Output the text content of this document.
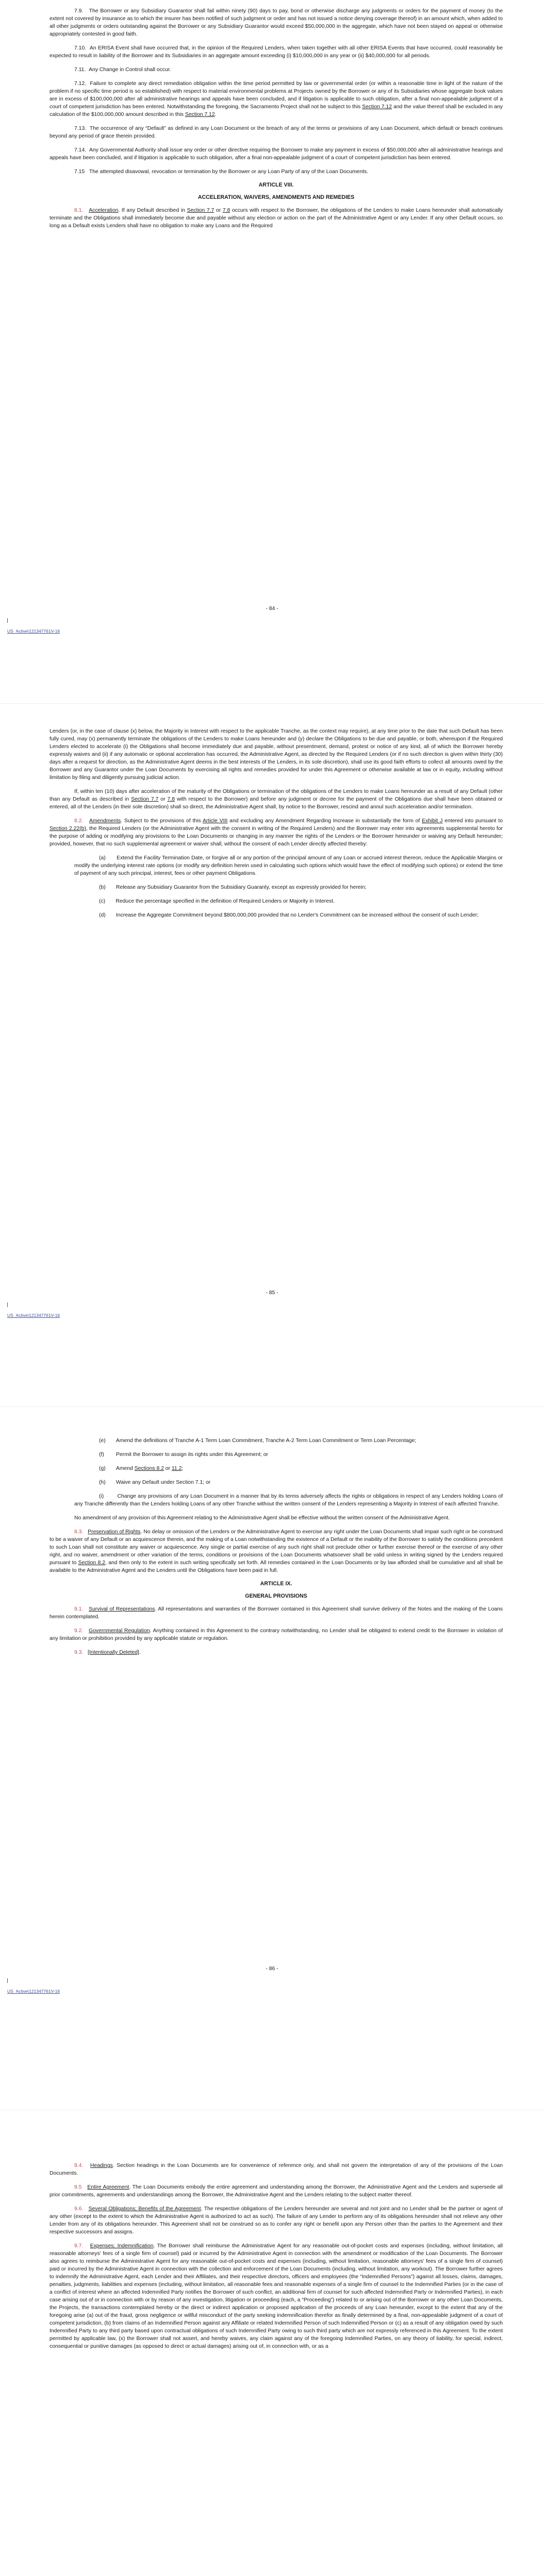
7.9.   The Borrower or any Subsidiary Guarantor shall fail within ninety (90) days to pay, bond or otherwise discharge any judgments or orders for the payment of money (to the extent not covered by insurance as to which the insurer has been notified of such judgment or order and has not issued a notice denying coverage thereof) in an amount which, when added to all other judgments or orders outstanding against the Borrower or any Subsidiary Guarantor would exceed $50,000,000 in the aggregate, which have not been stayed on appeal or otherwise appropriately contested in good faith.

7.10.  An ERISA Event shall have occurred that, in the opinion of the Required Lenders, when taken together with all other ERISA Events that have occurred, could reasonably be expected to result in liability of the Borrower and its Subsidiaries in an aggregate amount exceeding (i) $10,000,000 in any year or (ii) $40,000,000 for all periods.

7.11.  Any Change in Control shall occur.

7.12.  Failure to complete any direct remediation obligation within the time period permitted by law or governmental order (or within a reasonable time in light of the nature of the problem if no specific time period is so established) with respect to material environmental problems at Projects owned by the Borrower or any of its Subsidiaries whose aggregate book values are in excess of $100,000,000 after all administrative hearings and appeals have been concluded, and if litigation is applicable to such obligation, after a final non-appealable judgment of a court of competent jurisdiction has been entered. Notwithstanding the foregoing, the Sacramento Project shall not be subject to this Section 7.12 and the value thereof shall be excluded in any calculation of the $100,000,000 amount described in this Section 7.12.

7.13.  The occurrence of any “Default” as defined in any Loan Document or the breach of any of the terms or provisions of any Loan Document, which default or breach continues beyond any period of grace therein provided.

7.14.  Any Governmental Authority shall issue any order or other directive requiring the Borrower to make any payment in excess of $50,000,000 after all administrative hearings and appeals have been concluded, and if litigation is applicable to such obligation, after a final non-appealable judgment of a court of competent jurisdiction has been entered.

7.15   The attempted disavowal, revocation or termination by the Borrower or any Loan Party of any of the Loan Documents.

ARTICLE VIII.
ACCELERATION, WAIVERS, AMENDMENTS AND REMEDIES

8.1. Acceleration. If any Default described in Section 7.7 or 7.8 occurs with respect to the Borrower, the obligations of the Lenders to make Loans hereunder shall automatically terminate and the Obligations shall immediately become due and payable without any election or action on the part of the Administrative Agent or any Lender. If any other Default occurs, so long as a Default exists Lenders shall have no obligation to make any Loans and the Required

- 84 -
US_Active\121347761V-16

Lenders (or, in the case of clause (x) below, the Majority in Interest with respect to the applicable Tranche, as the context may require), at any time prior to the date that such Default has been fully cured, may (x) permanently terminate the obligations of the Lenders to make Loans hereunder and (y) declare the Obligations to be due and payable, or both, whereupon if the Required Lenders elected to accelerate (i) the Obligations shall become immediately due and payable, without presentment, demand, protest or notice of any kind, all of which the Borrower hereby expressly waives and (ii) if any automatic or optional acceleration has occurred, the Administrative Agent, as directed by the Required Lenders (or if no such direction is given within thirty (30) days after a request for direction, as the Administrative Agent deems in the best interests of the Lenders, in its sole discretion), shall use its good faith efforts to collect all amounts owed by the Borrower and any Guarantor under the Loan Documents by exercising all rights and remedies provided for under this Agreement or otherwise available at law or in equity, including without limitation by filing and diligently pursuing judicial action.

If, within ten (10) days after acceleration of the maturity of the Obligations or termination of the obligations of the Lenders to make Loans hereunder as a result of any Default (other than any Default as described in Section 7.7 or 7.8 with respect to the Borrower) and before any judgment or decree for the payment of the Obligations due shall have been obtained or entered, all of the Lenders (in their sole discretion) shall so direct, the Administrative Agent shall, by notice to the Borrower, rescind and annul such acceleration and/or termination.

8.2. Amendments. Subject to the provisions of this Article VIII and excluding any Amendment Regarding Increase in substantially the form of Exhibit J entered into pursuant to Section 2.22(b), the Required Lenders (or the Administrative Agent with the consent in writing of the Required Lenders) and the Borrower may enter into agreements supplemental hereto for the purpose of adding or modifying any provisions to the Loan Documents or changing in any manner the rights of the Lenders or the Borrower hereunder or waiving any Default hereunder; provided, however, that no such supplemental agreement or waiver shall, without the consent of each Lender directly affected thereby:

(a)       Extend the Facility Termination Date, or forgive all or any portion of the principal amount of any Loan or accrued interest thereon, reduce the Applicable Margins or modify the underlying interest rate options (or modify any definition herein used in calculating such options which would have the effect of modifying such options) or extend the time of payment of any such principal, interest, fees or other payment Obligations.

(b)       Release any Subsidiary Guarantor from the Subsidiary Guaranty, except as expressly provided for herein;

(c)       Reduce the percentage specified in the definition of Required Lenders or Majority in Interest.

(d)       Increase the Aggregate Commitment beyond $800,000,000 provided that no Lender's Commitment can be increased without the consent of such Lender;

- 85 -
US_Active\121347761V-16

(e)       Amend the definitions of Tranche A-1 Term Loan Commitment, Tranche A-2 Term Loan Commitment or Term Loan Percentage;

(f)        Permit the Borrower to assign its rights under this Agreement; or

(g)       Amend Sections 8.2 or 11.2;

(h)       Waive any Default under Section 7.1; or

(i)        Change any provisions of any Loan Document in a manner that by its terms adversely affects the rights or obligations in respect of any Lenders holding Loans of any Tranche differently than the Lenders holding Loans of any other Tranche without the written consent of the Lenders representing a Majority in Interest of each affected Tranche.

No amendment of any provision of this Agreement relating to the Administrative Agent shall be effective without the written consent of the Administrative Agent.

8.3. Preservation of Rights. No delay or omission of the Lenders or the Administrative Agent to exercise any right under the Loan Documents shall impair such right or be construed to be a waiver of any Default or an acquiescence therein, and the making of a Loan notwithstanding the existence of a Default or the inability of the Borrower to satisfy the conditions precedent to such Loan shall not constitute any waiver or acquiescence. Any single or partial exercise of any such right shall not preclude other or further exercise thereof or the exercise of any other right, and no waiver, amendment or other variation of the terms, conditions or provisions of the Loan Documents whatsoever shall be valid unless in writing signed by the Lenders required pursuant to Section 8.2, and then only to the extent in such writing specifically set forth. All remedies contained in the Loan Documents or by law afforded shall be cumulative and all shall be available to the Administrative Agent and the Lenders until the Obligations have been paid in full.

ARTICLE IX.
GENERAL PROVISIONS

9.1. Survival of Representations. All representations and warranties of the Borrower contained in this Agreement shall survive delivery of the Notes and the making of the Loans herein contemplated.

9.2. Governmental Regulation. Anything contained in this Agreement to the contrary notwithstanding, no Lender shall be obligated to extend credit to the Borrower in violation of any limitation or prohibition provided by any applicable statute or regulation.

9.3. [Intentionally Deleted].

- 86 -
US_Active\121347761V-16

9.4. Headings. Section headings in the Loan Documents are for convenience of reference only, and shall not govern the interpretation of any of the provisions of the Loan Documents.

9.5 Entire Agreement. The Loan Documents embody the entire agreement and understanding among the Borrower, the Administrative Agent and the Lenders and supersede all prior commitments, agreements and understandings among the Borrower, the Administrative Agent and the Lenders relating to the subject matter thereof.

9.6. Several Obligations; Benefits of the Agreement. The respective obligations of the Lenders hereunder are several and not joint and no Lender shall be the partner or agent of any other (except to the extent to which the Administrative Agent is authorized to act as such). The failure of any Lender to perform any of its obligations hereunder shall not relieve any other Lender from any of its obligations hereunder. This Agreement shall not be construed so as to confer any right or benefit upon any Person other than the parties to the Agreement and their respective successors and assigns.

9.7. Expenses; Indemnification. The Borrower shall reimburse the Administrative Agent for any reasonable out-of-pocket costs and expenses (including, without limitation, all reasonable attorneys' fees of a single firm of counsel) paid or incurred by the Administrative Agent in connection with the amendment or modification of the Loan Documents. The Borrower also agrees to reimburse the Administrative Agent for any reasonable out-of-pocket costs and expenses (including, without limitation, reasonable attorneys' fees of a single firm of counsel) paid or incurred by the Administrative Agent in connection with the collection and enforcement of the Loan Documents (including, without limitation, any workout). The Borrower further agrees to indemnify the Administrative Agent, each Lender and their Affiliates, and their respective directors, officers and employees (the “Indemnified Persons”) against all losses, claims, damages, penalties, judgments, liabilities and expenses (including, without limitation, all reasonable fees and reasonable expenses of a single firm of counsel to the Indemnified Parties (or in the case of a conflict of interest where an affected Indemnified Party notifies the Borrower of such conflict, an additional firm of counsel for such affected Indemnified Party or Indemnified Parties), in each case arising out of or in connection with or by reason of any investigation, litigation or proceeding (each, a “Proceeding”) related to or arising out of the Borrower or any other Loan Documents, the Projects, the transactions contemplated hereby or the direct or indirect application or proposed application of the proceeds of any Loan hereunder, except to the extent that any of the foregoing arise (a) out of the fraud, gross negligence or willful misconduct of the party seeking indemnification therefor as finally determined by a final, non-appealable judgment of a court of competent jurisdiction, (b) from claims of an Indemnified Person against any Affiliate or related Indemnified Person of such Indemnified Person or (c) as a result of any obligation owed by such Indemnified Party to any third party based upon contractual obligations of such Indemnified Party owing to such third party which are not expressly referenced in this Agreement. To the extent permitted by applicable law, (x) the Borrower shall not assert, and hereby waives, any claim against any of the foregoing Indemnified Parties, on any theory of liability, for special, indirect, consequential or punitive damages (as opposed to direct or actual damages) arising out of, in connection with, or as a
